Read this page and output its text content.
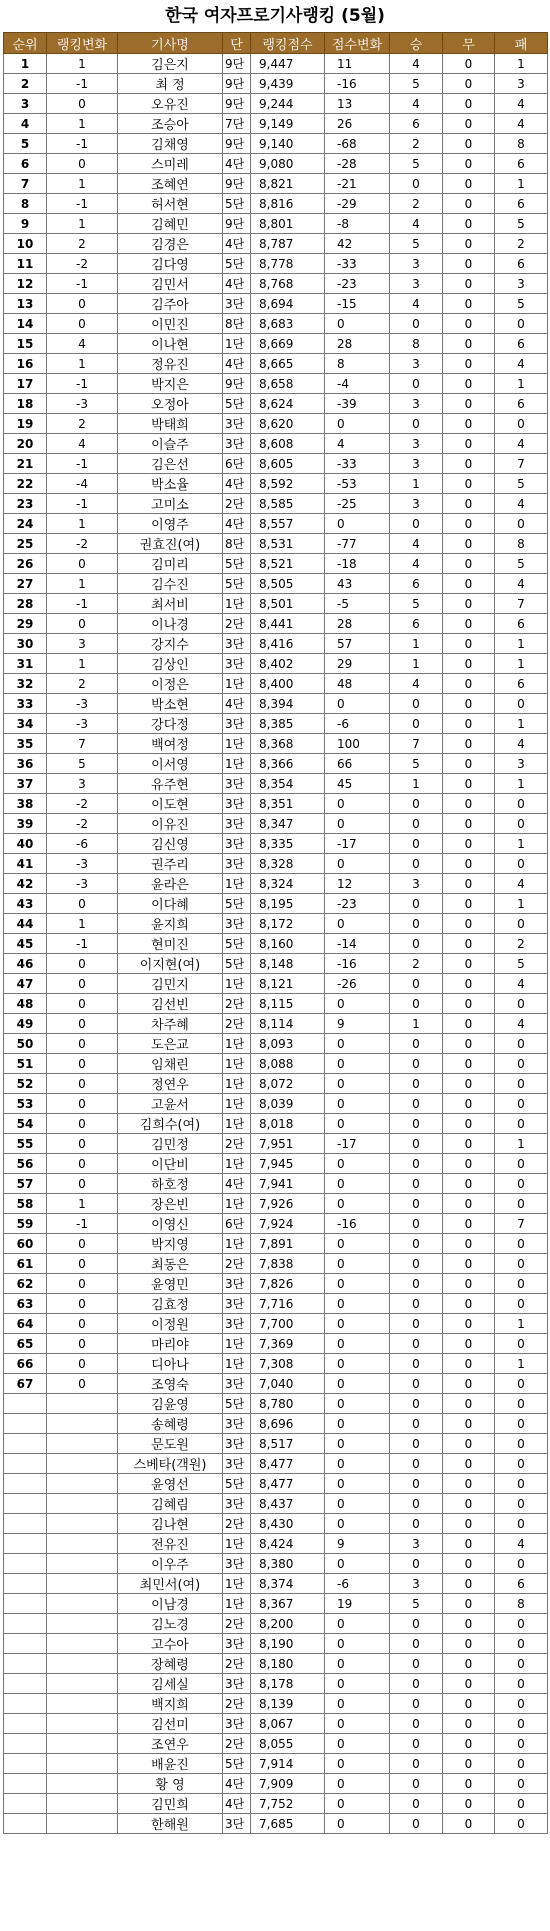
한국 여자프로기사랭킹 (5월)
순위	랭킹변화	기사명	단	랭킹점수	점수변화	승	무	패
1	1	김은지	9단	9,447	11	4	0	1
2	-1	최 정	9단	9,439	-16	5	0	3
3	0	오유진	9단	9,244	13	4	0	4
4	1	조승아	7단	9,149	26	6	0	4
5	-1	김채영	9단	9,140	-68	2	0	8
6	0	스미레	4단	9,080	-28	5	0	6
7	1	조혜연	9단	8,821	-21	0	0	1
8	-1	허서현	5단	8,816	-29	2	0	6
9	1	김혜민	9단	8,801	-8	4	0	5
10	2	김경은	4단	8,787	42	5	0	2
11	-2	김다영	5단	8,778	-33	3	0	6
12	-1	김민서	4단	8,768	-23	3	0	3
13	0	김주아	3단	8,694	-15	4	0	5
14	0	이민진	8단	8,683	0	0	0	0
15	4	이나현	1단	8,669	28	8	0	6
16	1	정유진	4단	8,665	8	3	0	4
17	-1	박지은	9단	8,658	-4	0	0	1
18	-3	오정아	5단	8,624	-39	3	0	6
19	2	박태희	3단	8,620	0	0	0	0
20	4	이슬주	3단	8,608	4	3	0	4
21	-1	김은선	6단	8,605	-33	3	0	7
22	-4	박소율	4단	8,592	-53	1	0	5
23	-1	고미소	2단	8,585	-25	3	0	4
24	1	이영주	4단	8,557	0	0	0	0
25	-2	권효진(여)	8단	8,531	-77	4	0	8
26	0	김미리	5단	8,521	-18	4	0	5
27	1	김수진	5단	8,505	43	6	0	4
28	-1	최서비	1단	8,501	-5	5	0	7
29	0	이나경	2단	8,441	28	6	0	6
30	3	강지수	3단	8,416	57	1	0	1
31	1	김상인	3단	8,402	29	1	0	1
32	2	이정은	1단	8,400	48	4	0	6
33	-3	박소현	4단	8,394	0	0	0	0
34	-3	강다정	3단	8,385	-6	0	0	1
35	7	백여정	1단	8,368	100	7	0	4
36	5	이서영	1단	8,366	66	5	0	3
37	3	유주현	3단	8,354	45	1	0	1
38	-2	이도현	3단	8,351	0	0	0	0
39	-2	이유진	3단	8,347	0	0	0	0
40	-6	김신영	3단	8,335	-17	0	0	1
41	-3	권주리	3단	8,328	0	0	0	0
42	-3	윤라은	1단	8,324	12	3	0	4
43	0	이다혜	5단	8,195	-23	0	0	1
44	1	윤지희	3단	8,172	0	0	0	0
45	-1	현미진	5단	8,160	-14	0	0	2
46	0	이지현(여)	5단	8,148	-16	2	0	5
47	0	김민지	1단	8,121	-26	0	0	4
48	0	김선빈	2단	8,115	0	0	0	0
49	0	차주혜	2단	8,114	9	1	0	4
50	0	도은교	1단	8,093	0	0	0	0
51	0	임채린	1단	8,088	0	0	0	0
52	0	정연우	1단	8,072	0	0	0	0
53	0	고윤서	1단	8,039	0	0	0	0
54	0	김희수(여)	1단	8,018	0	0	0	0
55	0	김민정	2단	7,951	-17	0	0	1
56	0	이단비	1단	7,945	0	0	0	0
57	0	하호정	4단	7,941	0	0	0	0
58	1	장은빈	1단	7,926	0	0	0	0
59	-1	이영신	6단	7,924	-16	0	0	7
60	0	박지영	1단	7,891	0	0	0	0
61	0	최동은	2단	7,838	0	0	0	0
62	0	윤영민	3단	7,826	0	0	0	0
63	0	김효정	3단	7,716	0	0	0	0
64	0	이정원	3단	7,700	0	0	0	1
65	0	마리야	1단	7,369	0	0	0	0
66	0	디아나	1단	7,308	0	0	0	1
67	0	조영숙	3단	7,040	0	0	0	0
		김윤영	5단	8,780	0	0	0	0
		송혜령	3단	8,696	0	0	0	0
		문도원	3단	8,517	0	0	0	0
		스베타(객원)	3단	8,477	0	0	0	0
		윤영선	5단	8,477	0	0	0	0
		김혜림	3단	8,437	0	0	0	0
		김나현	2단	8,430	0	0	0	0
		전유진	1단	8,424	9	3	0	4
		이우주	3단	8,380	0	0	0	0
		최민서(여)	1단	8,374	-6	3	0	6
		이남경	1단	8,367	19	5	0	8
		김노경	2단	8,200	0	0	0	0
		고수아	3단	8,190	0	0	0	0
		장혜령	2단	8,180	0	0	0	0
		김세실	3단	8,178	0	0	0	0
		백지희	2단	8,139	0	0	0	0
		김선미	3단	8,067	0	0	0	0
		조연우	2단	8,055	0	0	0	0
		배윤진	5단	7,914	0	0	0	0
		황 영	4단	7,909	0	0	0	0
		김민희	4단	7,752	0	0	0	0
		한해원	3단	7,685	0	0	0	0
